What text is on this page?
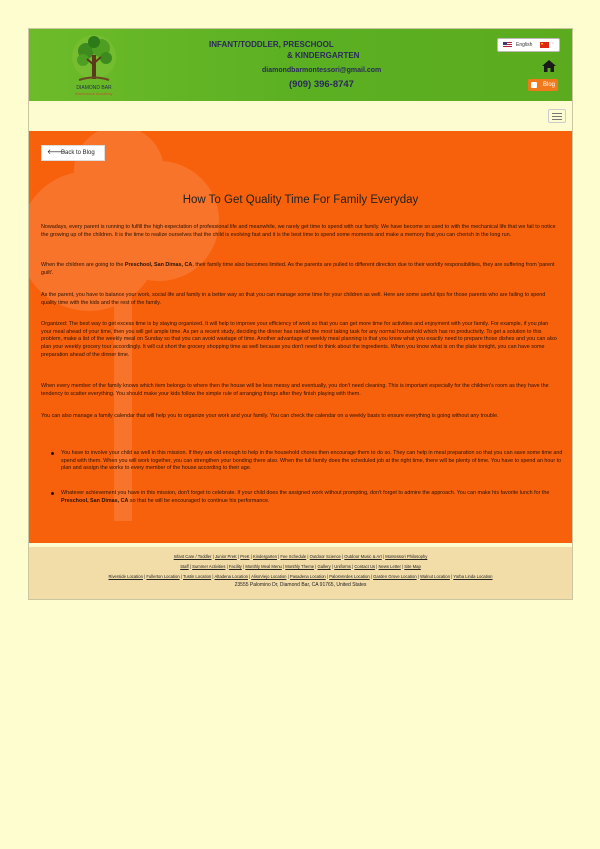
DIAMOND BAR
Montessori Academy
INFANT/TODDLER, PRESCHOOL
& KINDERGARTEN
diamondbarmontessori@gmail.com
(909) 396-8747
English	▫
Blog
🡐
Back to Blog
How To Get Quality Time For Family Everyday

Nowadays, every parent is running to fulfill the high expectation of professional life and meanwhile, we rarely get time to spend with our family. We have become so used to with the mechanical life that we fail to notice the growing up of the children. It is the time to realize ourselves that the child is evolving fast and it is the best time to spend some moments and make a memory that you can cherish in the long run.

When the children are going to the Preschool, San Dimas, CA, their family time also becomes limited. As the parents are pulled to different direction due to their worldly responsibilities, they are suffering from 'parent guilt'.

As the parent, you have to balance your work, social life and family in a better way so that you can manage some time for your children as well. Here are some useful tips for those parents who are failing to spend quality time with the kids and the rest of the family.

Organized: The best way to get excess time is by staying organized. It will help to improve your efficiency of work so that you can get more time for activities and enjoyment with your family. For example, if you plan your meal ahead of your time, then you will get ample time. As per a recent study, deciding the dinner has ranked the most taking task for any normal household which has no productivity. To get a solution to this problem, make a list of the weekly meal on Sunday so that you can avoid wastage of time. Another advantage of weekly meal planning is that you know what you exactly need to prepare those dishes and you can also plan your weekly grocery tour accordingly. It will cut short the grocery shopping time as well because you don't need to think about the ingredients. When you know what is on the plate tonight, you can have some preparation ahead of the dinner time.

When every member of the family knows which item belongs to where then the house will be less messy and eventually, you don't need cleaning. This is important especially for the children's room as they have the tendency to scatter everything. You should make your kids follow the simple rule of arranging things after they finish playing with them.

You can also manage a family calendar that will help you to organize your work and your family. You can check the calendar on a weekly basis to ensure everything is going without any trouble.

You have to involve your child as well in this mission. If they are old enough to help in the household chores then encourage them to do so. They can help in meal preparation so that you can save some time and spend with them. When you will work together, you can strengthen your bonding there also. When the full family does the scheduled job at the right time, there will be plenty of time. You have to spend an hour to plan and assign the works to every member of the house according to their age.
Whatever achievement you have in this mission, don't forget to celebrate. If your child does the assigned work without prompting, don't forget to admire the approach. You can make his favorite lunch for the Preschool, San Dimas, CA so that he will be encouraged to continue his performance.
Infant Care / Toddler | Junior PreK | PreK | Kindergarten | Fee Schedule | Outdoor Science | Outdoor Music & Art | Montessori Philosophy
Staff | Summer Activities | Facility | Monthly Meal Menu | Monthly Theme | Gallery | Uniforms | Contact Us | News Letter | Site Map
Riverside Location | Fullerton Location | Tustin Location | Altadena Location | AlisoViejo Location | Pasadena Location | PalosVerdes Location | Garden Grove Location | Walnut Location | Yorba Linda Location
23555 Palomino Dr, Diamond Bar, CA 91765, United States
